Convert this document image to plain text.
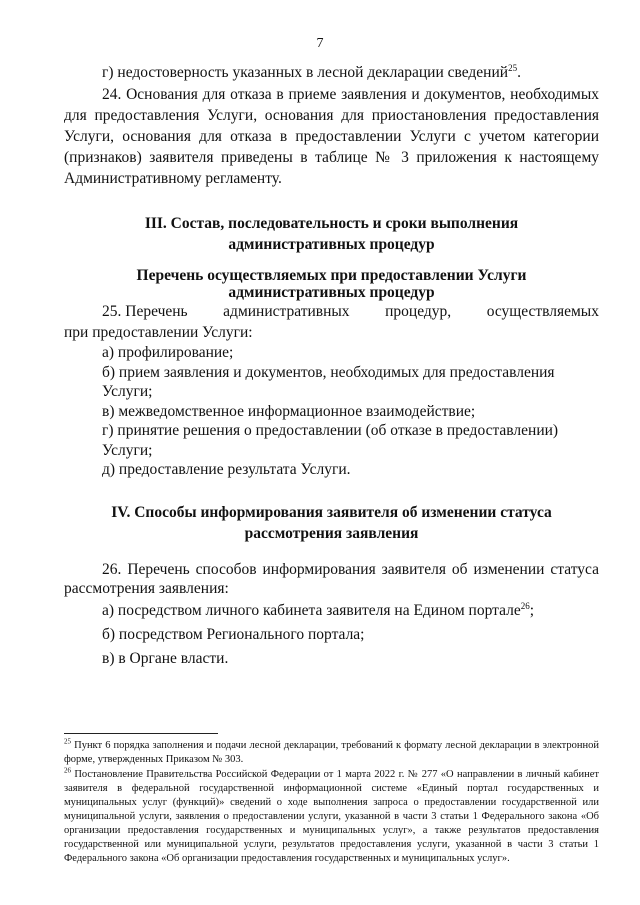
7

г) недостоверность указанных в лесной декларации сведений$^{25}$.

24. Основания для отказа в приеме заявления и документов, необходимых для предоставления Услуги, основания для приостановления предоставления Услуги, основания для отказа в предоставлении Услуги с учетом категории (признаков) заявителя приведены в таблице № 3 приложения к настоящему Административному регламенту.

III. Состав, последовательность и сроки выполнения
административных процедур
Перечень осуществляемых при предоставлении Услуги
административных процедур
25. Перечень административных процедур, осуществляемых

при предоставлении Услуги:

а) профилирование;

б) прием заявления и документов, необходимых для предоставления Услуги;

в) межведомственное информационное взаимодействие;

г) принятие решения о предоставлении (об отказе в предоставлении) Услуги;

д) предоставление результата Услуги.

IV. Способы информирования заявителя об изменении статуса
рассмотрения заявления

26. Перечень способов информирования заявителя об изменении статуса рассмотрения заявления:

а) посредством личного кабинета заявителя на Едином портале$^{26}$;

б) посредством Регионального портала;

в) в Органе власти.

$^{25}$ Пункт 6 порядка заполнения и подачи лесной декларации, требований к формату лесной декларации в электронной форме, утвержденных Приказом № 303.

$^{26}$ Постановление Правительства Российской Федерации от 1 марта 2022 г. № 277 «О направлении в личный кабинет заявителя в федеральной государственной информационной системе «Единый портал государственных и муниципальных услуг (функций)» сведений о ходе выполнения запроса о предоставлении государственной или муниципальной услуги, заявления о предоставлении услуги, указанной в части 3 статьи 1 Федерального закона «Об организации предоставления государственных и муниципальных услуг», а также результатов предоставления государственной или муниципальной услуги, результатов предоставления услуги, указанной в части 3 статьи 1 Федерального закона «Об организации предоставления государственных и муниципальных услуг».
